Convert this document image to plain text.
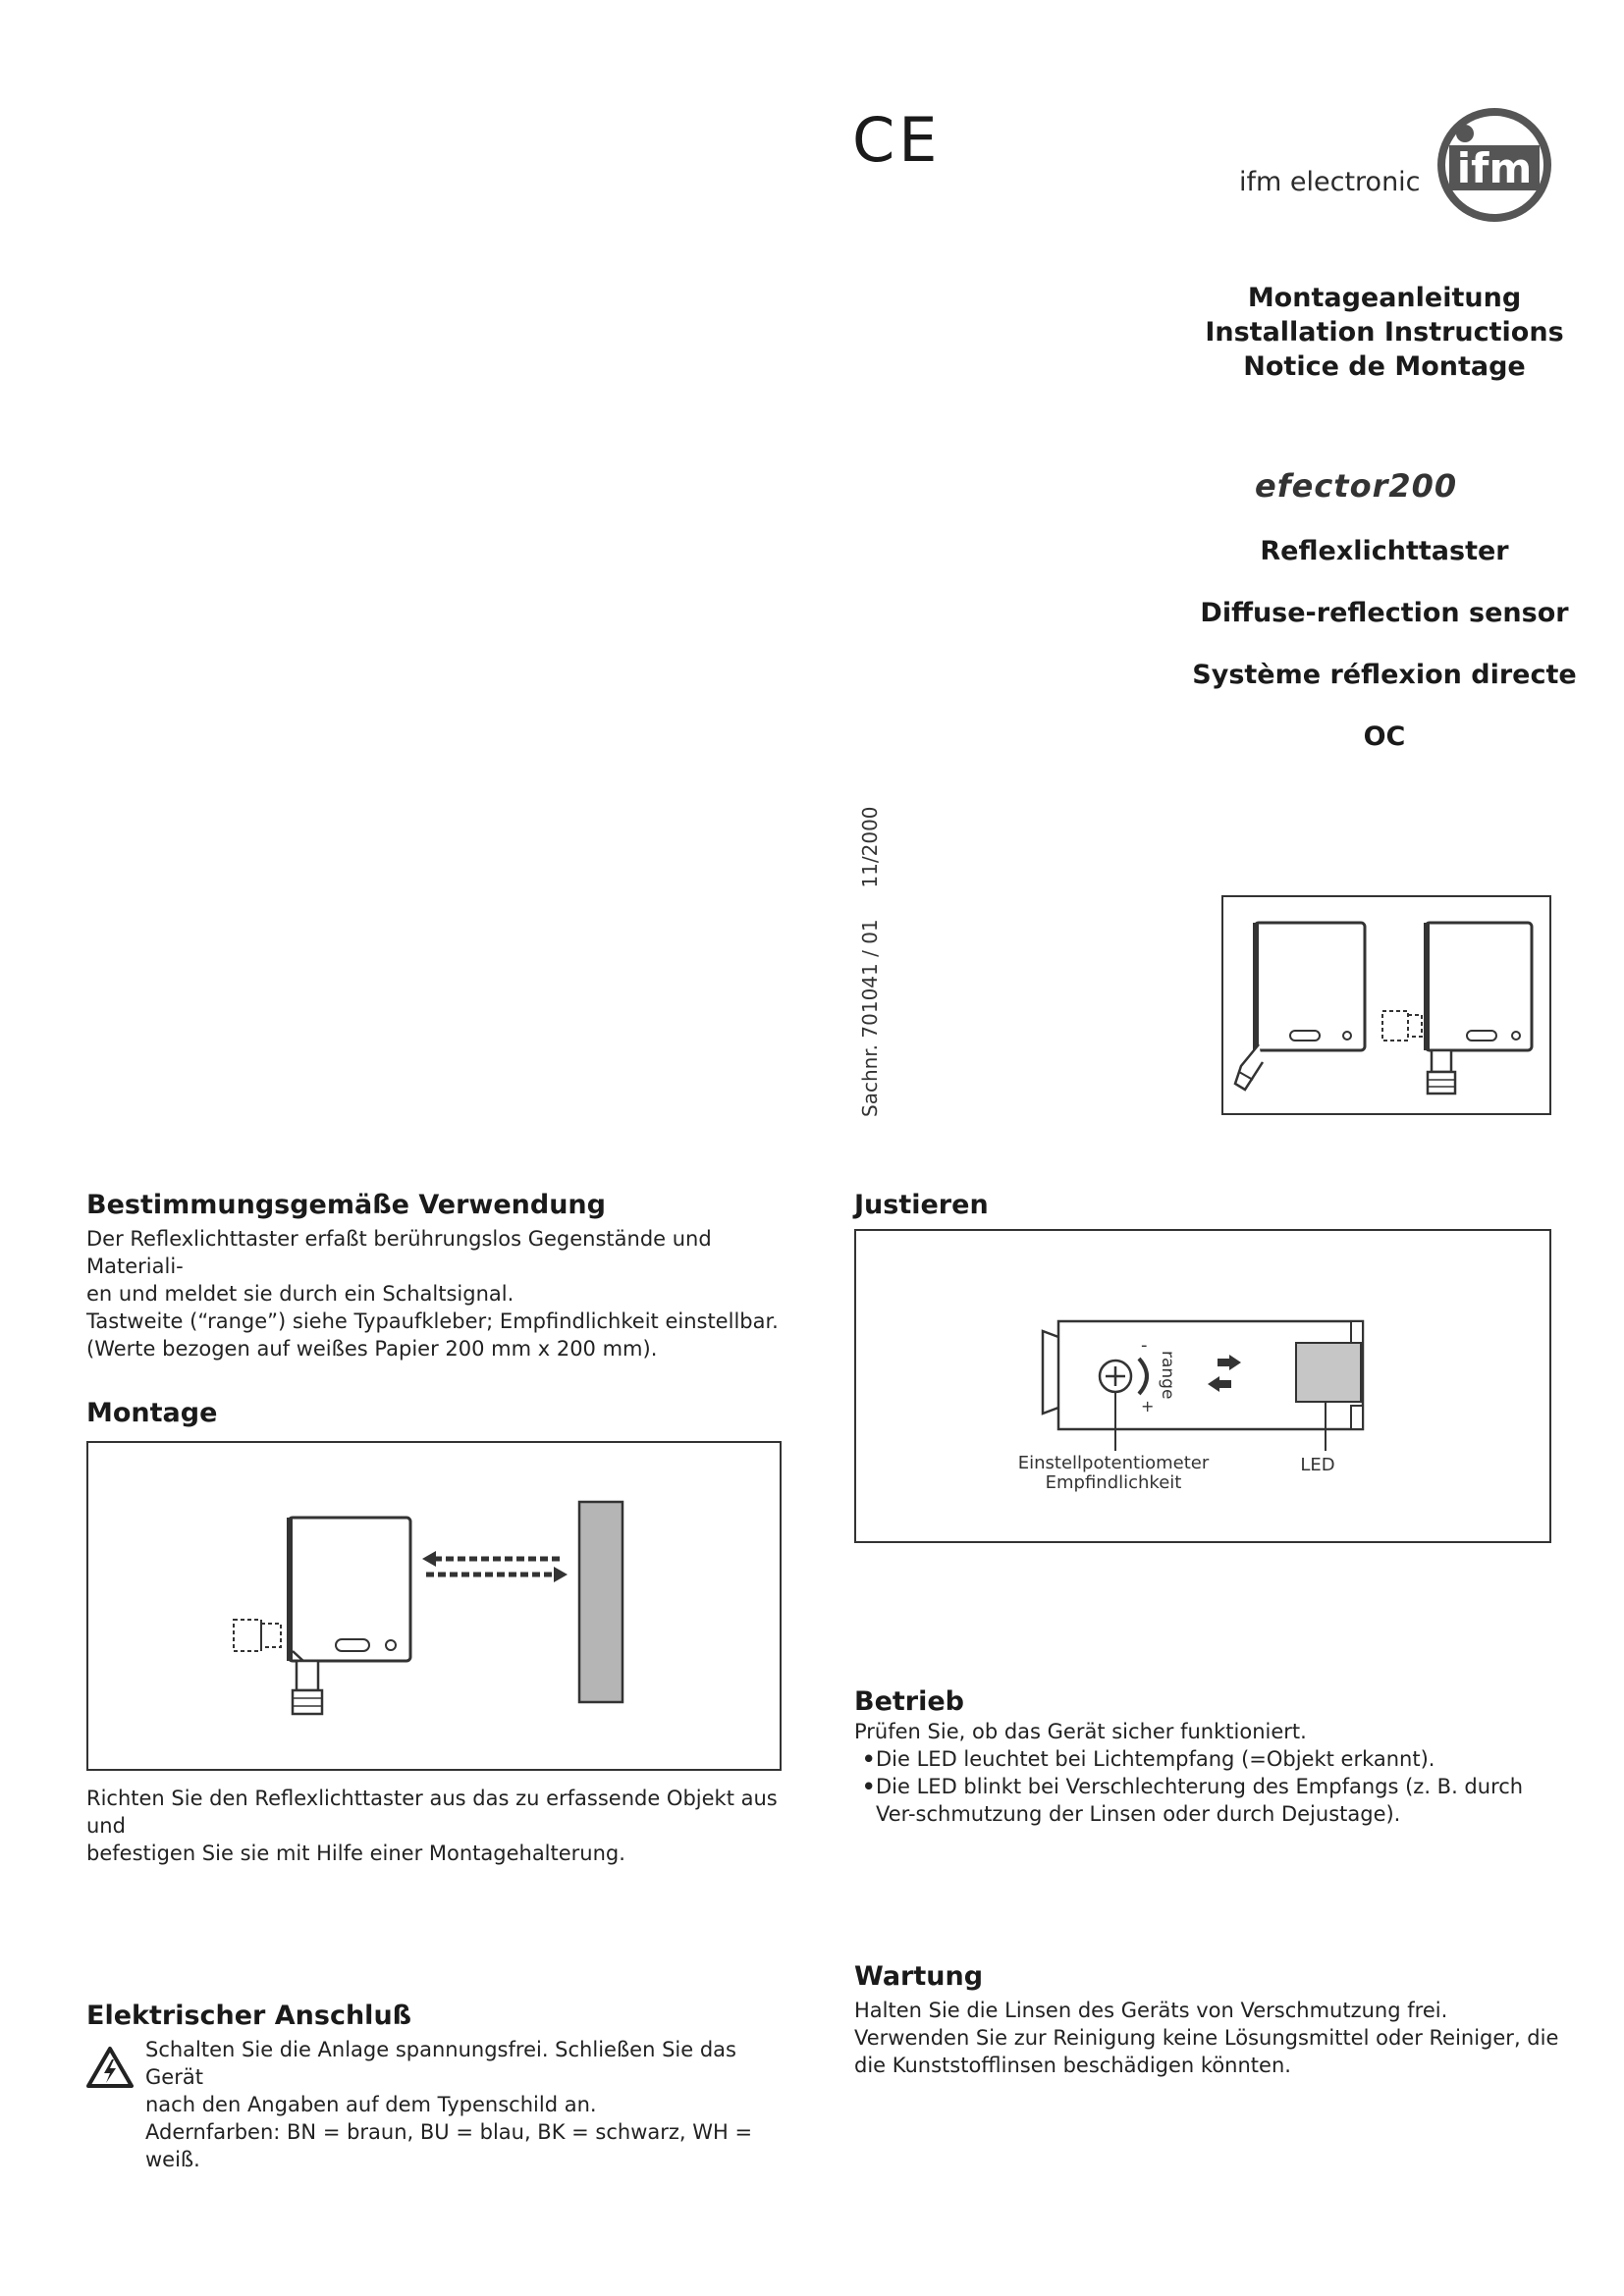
CE
ifm electronic ifm
Montageanleitung
Installation Instructions
Notice de Montage
efector200
Reflexlichttaster
Diffuse-reflection sensor
Système réflexion directe
OC
Sachnr. 701041 / 01     11/2000
Bestimmungsgemäße Verwendung

Der Reflexlichttaster erfaßt berührungslos Gegenstände und Materiali-
en und meldet sie durch ein Schaltsignal.
Tastweite (“range”) siehe Typaufkleber; Empfindlichkeit einstellbar.
(Werte bezogen auf weißes Papier 200 mm x 200 mm).

Montage

Richten Sie den Reflexlichttaster aus das zu erfassende Objekt aus und
befestigen Sie sie mit Hilfe einer Montagehalterung.

Elektrischer Anschluß

Schalten Sie die Anlage spannungsfrei. Schließen Sie das Gerät
nach den Angaben auf dem Typenschild an.
Adernfarben: BN = braun, BU = blau, BK = schwarz, WH = weiß.

Justieren
-
+
range
Einstellpotentiometer
Empfindlichkeit
LED
Betrieb

Prüfen Sie, ob das Gerät sicher funktioniert.

• Die LED leuchtet bei Lichtempfang (=Objekt erkannt).
• Die LED blinkt bei Verschlechterung des Empfangs (z. B. durch Ver-schmutzung der Linsen oder durch Dejustage).
Wartung

Halten Sie die Linsen des Geräts von Verschmutzung frei.
Verwenden Sie zur Reinigung keine Lösungsmittel oder Reiniger, die
die Kunststofflinsen beschädigen könnten.
